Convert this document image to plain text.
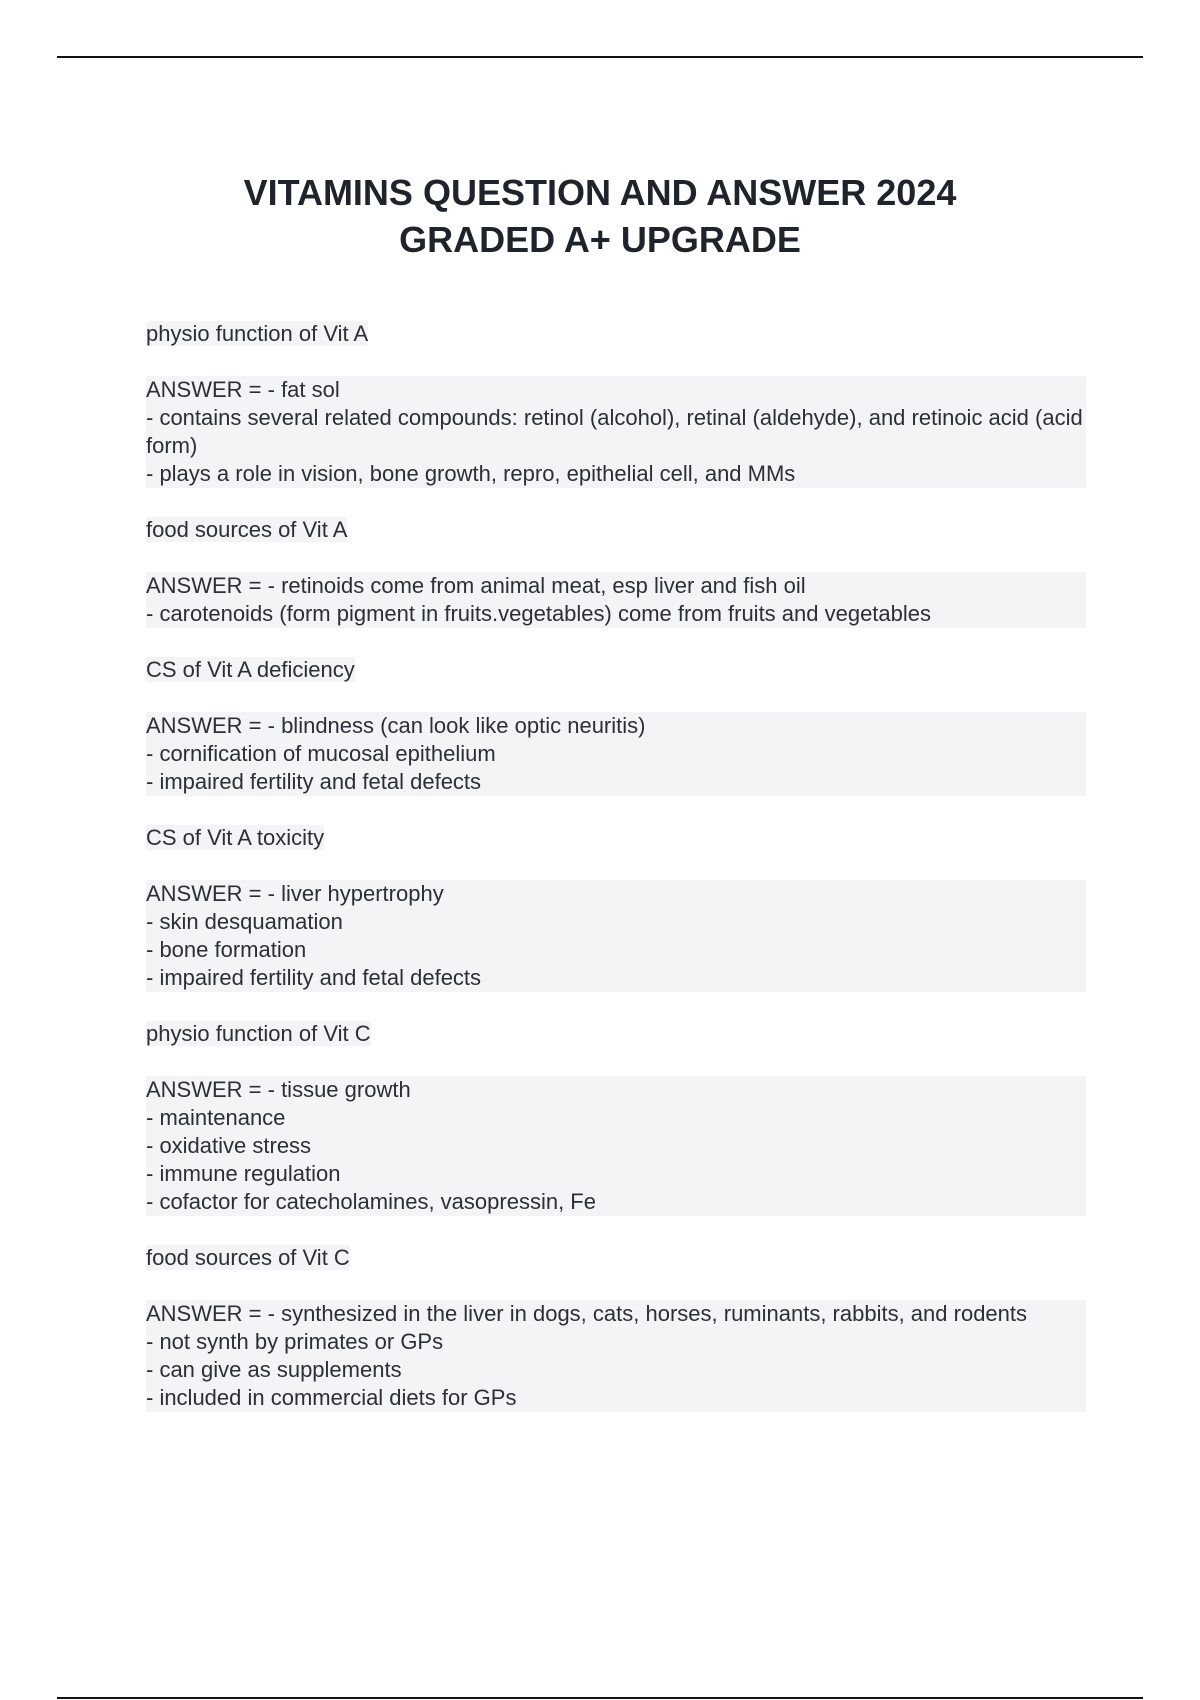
VITAMINS QUESTION AND ANSWER 2024
GRADED A+ UPGRADE
physio function of Vit A
ANSWER = - fat sol
- contains several related compounds: retinol (alcohol), retinal (aldehyde), and retinoic acid (acid form)
- plays a role in vision, bone growth, repro, epithelial cell, and MMs
food sources of Vit A
ANSWER = - retinoids come from animal meat, esp liver and fish oil
- carotenoids (form pigment in fruits.vegetables) come from fruits and vegetables
CS of Vit A deficiency
ANSWER = - blindness (can look like optic neuritis)
- cornification of mucosal epithelium
- impaired fertility and fetal defects
CS of Vit A toxicity
ANSWER = - liver hypertrophy
- skin desquamation
- bone formation
- impaired fertility and fetal defects
physio function of Vit C
ANSWER = - tissue growth
- maintenance
- oxidative stress
- immune regulation
- cofactor for catecholamines, vasopressin, Fe
food sources of Vit C
ANSWER = - synthesized in the liver in dogs, cats, horses, ruminants, rabbits, and rodents
- not synth by primates or GPs
- can give as supplements
- included in commercial diets for GPs
